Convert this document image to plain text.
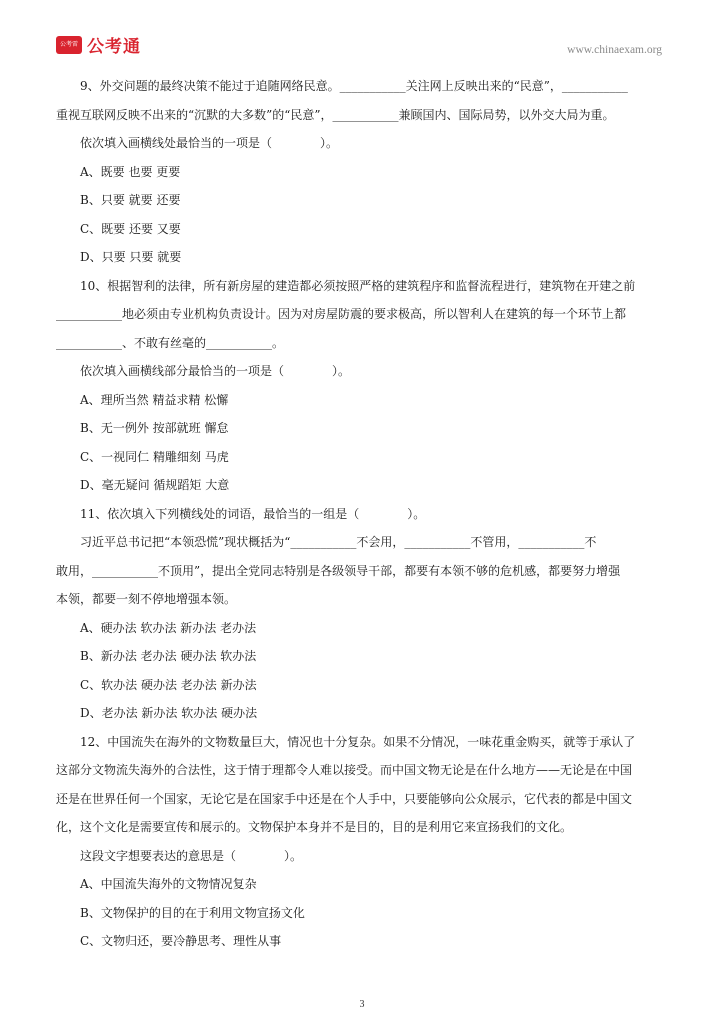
公考雷 公考通	www.chinaexam.org

9、外交问题的最终决策不能过于追随网络民意。___________关注网上反映出来的“民意”，___________

重视互联网反映不出来的“沉默的大多数”的“民意”，___________兼顾国内、国际局势，以外交大局为重。

依次填入画横线处最恰当的一项是（　　　　）。

A、既要 也要 更要

B、只要 就要 还要

C、既要 还要 又要

D、只要 只要 就要

10、根据智利的法律，所有新房屋的建造都必须按照严格的建筑程序和监督流程进行，建筑物在开建之前

___________地必须由专业机构负责设计。因为对房屋防震的要求极高，所以智利人在建筑的每一个环节上都

___________、不敢有丝毫的___________。

依次填入画横线部分最恰当的一项是（　　　　）。

A、理所当然 精益求精 松懈

B、无一例外 按部就班 懈怠

C、一视同仁 精雕细刻 马虎

D、毫无疑问 循规蹈矩 大意

11、依次填入下列横线处的词语，最恰当的一组是（　　　　）。

习近平总书记把“本领恐慌”现状概括为“___________不会用，___________不管用，___________不

敢用，___________不顶用”，提出全党同志特别是各级领导干部，都要有本领不够的危机感，都要努力增强

本领，都要一刻不停地增强本领。

A、硬办法 软办法 新办法 老办法

B、新办法 老办法 硬办法 软办法

C、软办法 硬办法 老办法 新办法

D、老办法 新办法 软办法 硬办法

12、中国流失在海外的文物数量巨大，情况也十分复杂。如果不分情况，一味花重金购买，就等于承认了

这部分文物流失海外的合法性，这于情于理都令人难以接受。而中国文物无论是在什么地方——无论是在中国

还是在世界任何一个国家，无论它是在国家手中还是在个人手中，只要能够向公众展示，它代表的都是中国文

化，这个文化是需要宣传和展示的。文物保护本身并不是目的，目的是利用它来宣扬我们的文化。

这段文字想要表达的意思是（　　　　）。

A、中国流失海外的文物情况复杂

B、文物保护的目的在于利用文物宣扬文化

C、文物归还，要冷静思考、理性从事

3
